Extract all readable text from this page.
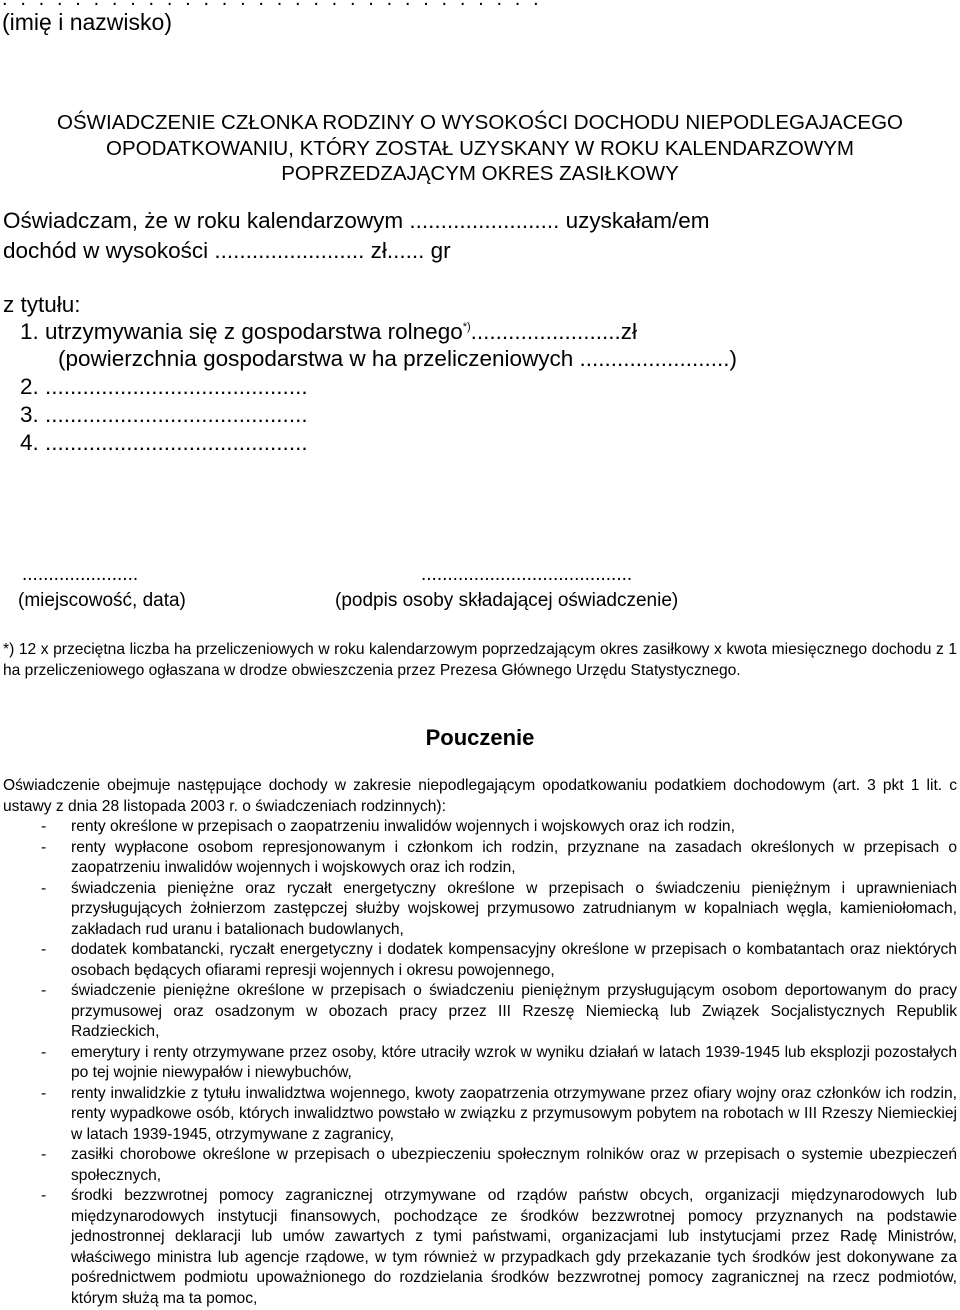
(imię i nazwisko)
OŚWIADCZENIE CZŁONKA RODZINY O WYSOKOŚCI DOCHODU NIEPODLEGAJACEGO
OPODATKOWANIU, KTÓRY ZOSTAŁ UZYSKANY W ROKU KALENDARZOWYM
POPRZEDZAJĄCYM OKRES ZASIŁKOWY
Oświadczam, że w roku kalendarzowym ........................ uzyskałam/em
dochód w wysokości ........................ zł...... gr
z tytułu:
1. utrzymywania się z gospodarstwa rolnego*)........................zł
(powierzchnia gospodarstwa w ha przeliczeniowych ........................)
2. ..........................................
3. ..........................................
4. ..........................................
......................
(miejscowość, data)
........................................
(podpis osoby składającej oświadczenie)
*) 12 x przeciętna liczba ha przeliczeniowych w roku kalendarzowym poprzedzającym okres zasiłkowy x kwota miesięcznego dochodu z 1 ha przeliczeniowego ogłaszana w drodze obwieszczenia przez Prezesa Głównego Urzędu Statystycznego.
Pouczenie
Oświadczenie obejmuje następujące dochody w zakresie niepodlegającym opodatkowaniu podatkiem dochodowym (art. 3 pkt 1 lit. c ustawy z dnia 28 listopada 2003 r. o świadczeniach rodzinnych):
- renty określone w przepisach o zaopatrzeniu inwalidów wojennych i wojskowych oraz ich rodzin,
- renty wypłacone osobom represjonowanym i członkom ich rodzin, przyznane na zasadach określonych w przepisach o zaopatrzeniu inwalidów wojennych i wojskowych oraz ich rodzin,
- świadczenia pieniężne oraz ryczałt energetyczny określone w przepisach o świadczeniu pieniężnym i uprawnieniach przysługujących żołnierzom zastępczej służby wojskowej przymusowo zatrudnianym w kopalniach węgla, kamieniołomach, zakładach rud uranu i batalionach budowlanych,
- dodatek kombatancki, ryczałt energetyczny i dodatek kompensacyjny określone w przepisach o kombatantach oraz niektórych osobach będących ofiarami represji wojennych i okresu powojennego,
- świadczenie pieniężne określone w przepisach o świadczeniu pieniężnym przysługującym osobom deportowanym do pracy przymusowej oraz osadzonym w obozach pracy przez III Rzeszę Niemiecką lub Związek Socjalistycznych Republik Radzieckich,
- emerytury i renty otrzymywane przez osoby, które utraciły wzrok w wyniku działań w latach 1939-1945 lub eksplozji pozostałych po tej wojnie niewypałów i niewybuchów,
- renty inwalidzkie z tytułu inwalidztwa wojennego, kwoty zaopatrzenia otrzymywane przez ofiary wojny oraz członków ich rodzin, renty wypadkowe osób, których inwalidztwo powstało w związku z przymusowym pobytem na robotach w III Rzeszy Niemieckiej w latach 1939-1945, otrzymywane z zagranicy,
- zasiłki chorobowe określone w przepisach o ubezpieczeniu społecznym rolników oraz w przepisach o systemie ubezpieczeń społecznych,
- środki bezzwrotnej pomocy zagranicznej otrzymywane od rządów państw obcych, organizacji międzynarodowych lub międzynarodowych instytucji finansowych, pochodzące ze środków bezzwrotnej pomocy przyznanych na podstawie jednostronnej deklaracji lub umów zawartych z tymi państwami, organizacjami lub instytucjami przez Radę Ministrów, właściwego ministra lub agencje rządowe, w tym również w przypadkach gdy przekazanie tych środków jest dokonywane za pośrednictwem podmiotu upoważnionego do rozdzielania środków bezzwrotnej pomocy zagranicznej na rzecz podmiotów, którym służą ma ta pomoc,
